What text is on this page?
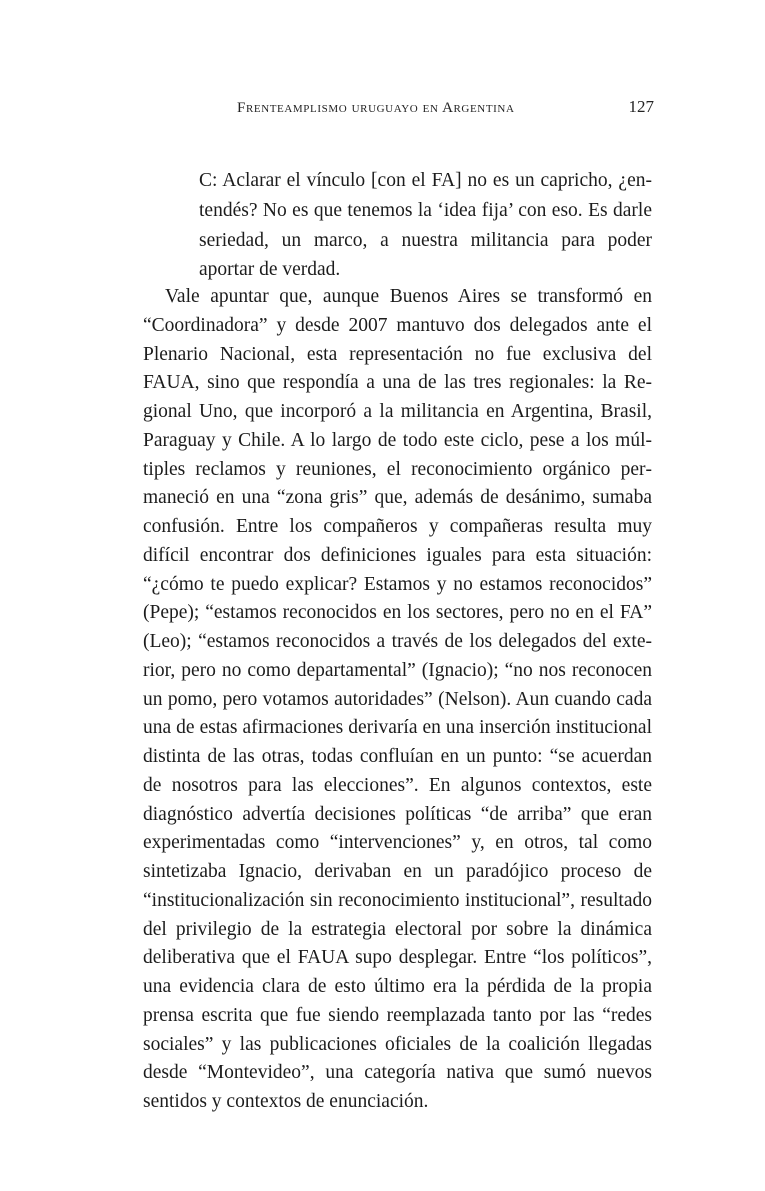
Frenteamplismo uruguayo en Argentina	127

C: Aclarar el vínculo [con el FA] no es un capricho, ¿entendés? No es que tenemos la ‘idea fija’ con eso. Es darle seriedad, un marco, a nuestra militancia para poder aportar de verdad.

Vale apuntar que, aunque Buenos Aires se transformó en “Coordinadora” y desde 2007 mantuvo dos delegados ante el Plenario Nacional, esta representación no fue exclusiva del FAUA, sino que respondía a una de las tres regionales: la Regional Uno, que incorporó a la militancia en Argentina, Brasil, Paraguay y Chile. A lo largo de todo este ciclo, pese a los múltiples reclamos y reuniones, el reconocimiento orgánico permaneció en una “zona gris” que, además de desánimo, sumaba confusión. Entre los compañeros y compañeras resulta muy difícil encontrar dos definiciones iguales para esta situación: “¿cómo te puedo explicar? Estamos y no estamos reconocidos” (Pepe); “estamos reconocidos en los sectores, pero no en el FA” (Leo); “estamos reconocidos a través de los delegados del exterior, pero no como departamental” (Ignacio); “no nos reconocen un pomo, pero votamos autoridades” (Nelson). Aun cuando cada una de estas afirmaciones derivaría en una inserción institucional distinta de las otras, todas confluían en un punto: “se acuerdan de nosotros para las elecciones”. En algunos contextos, este diagnóstico advertía decisiones políticas “de arriba” que eran experimentadas como “intervenciones” y, en otros, tal como sintetizaba Ignacio, derivaban en un paradójico proceso de “institucionalización sin reconocimiento institucional”, resultado del privilegio de la estrategia electoral por sobre la dinámica deliberativa que el FAUA supo desplegar. Entre “los políticos”, una evidencia clara de esto último era la pérdida de la propia prensa escrita que fue siendo reemplazada tanto por las “redes sociales” y las publicaciones oficiales de la coalición llegadas desde “Montevideo”, una categoría nativa que sumó nuevos sentidos y contextos de enunciación.
